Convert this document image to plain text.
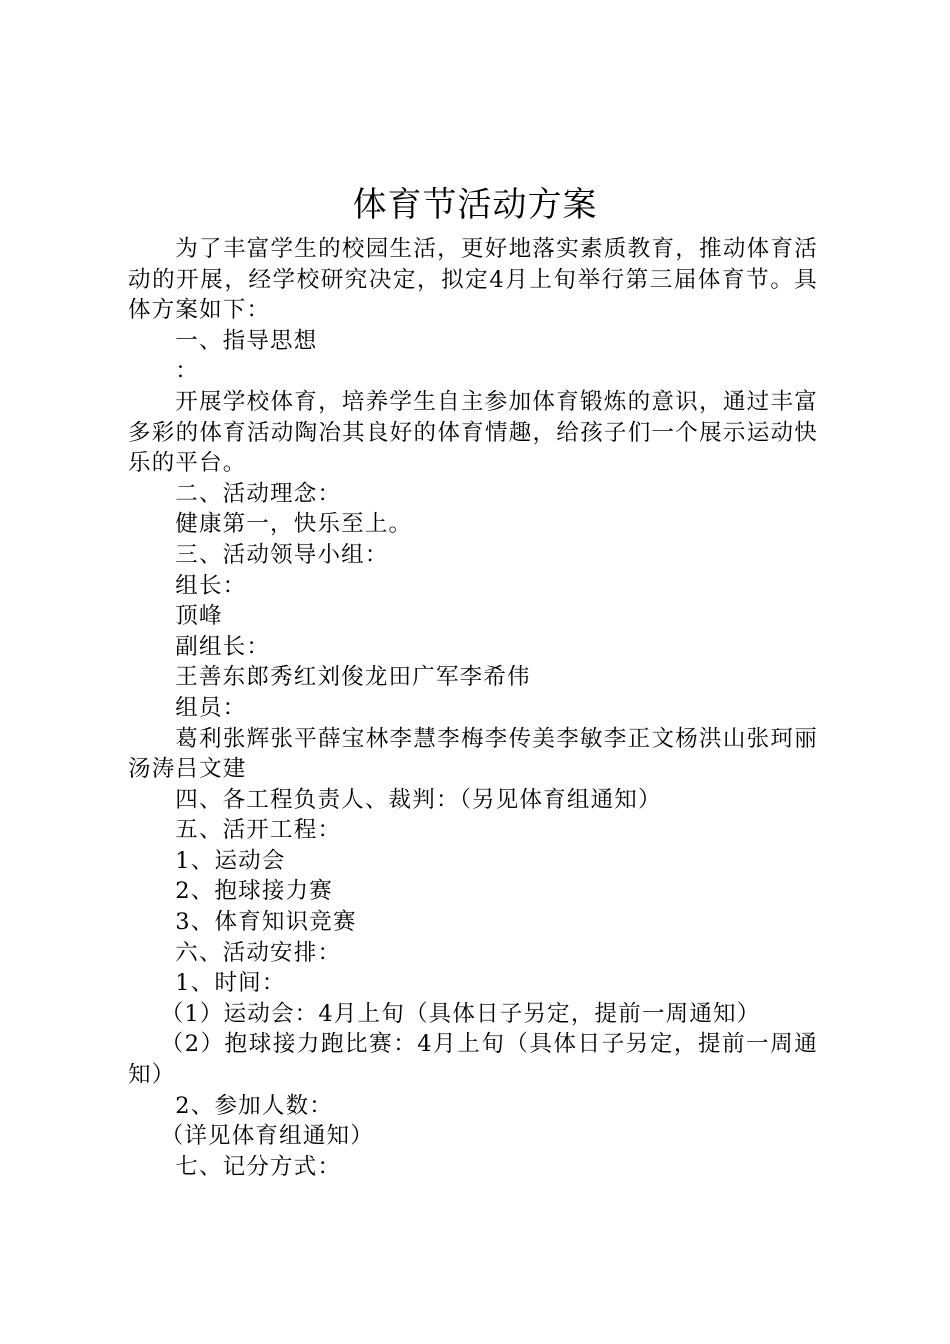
体育节活动方案

为了丰富学生的校园生活，更好地落实素质教育，推动体育活动的开展，经学校研究决定，拟定4月上旬举行第三届体育节。具体方案如下：

一、指导思想

：

开展学校体育，培养学生自主参加体育锻炼的意识，通过丰富多彩的体育活动陶冶其良好的体育情趣，给孩子们一个展示运动快乐的平台。

二、活动理念：

健康第一，快乐至上。

三、活动领导小组：

组长：

顶峰

副组长：

王善东郎秀红刘俊龙田广军李希伟

组员：

葛利张辉张平薛宝林李慧李梅李传美李敏李正文杨洪山张珂丽汤涛吕文建

四、各工程负责人、裁判：（另见体育组通知）

五、活开工程：

1、运动会

2、抱球接力赛

3、体育知识竞赛

六、活动安排：

1、时间：

（1）运动会：4月上旬（具体日子另定，提前一周通知）

（2）抱球接力跑比赛：4月上旬（具体日子另定，提前一周通知）

2、参加人数：

（详见体育组通知）

七、记分方式：
